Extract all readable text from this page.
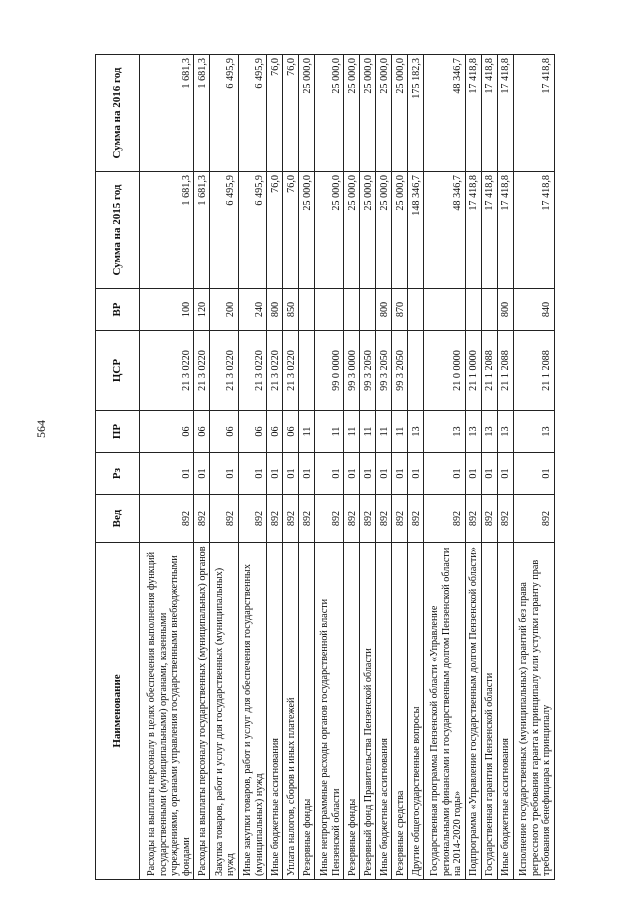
564
Наименование	Вед	Рз	ПР	ЦСР	ВР	Сумма на 2015 год	Сумма на 2016 год
Расходы на выплаты персоналу в целях обеспечения выполнения функций государственными (муниципальными) органами, казенными учреждениями, органами управления государственными внебюджетными фондами	892	01	06	21 3 0220	100	1 681,3	1 681,3
Расходы на выплаты персоналу государственных (муниципальных) органов	892	01	06	21 3 0220	120	1 681,3	1 681,3
Закупка товаров, работ и услуг для государственных (муниципальных) нужд	892	01	06	21 3 0220	200	6 495,9	6 495,9
Иные закупки товаров, работ и услуг для обеспечения государственных (муниципальных) нужд	892	01	06	21 3 0220	240	6 495,9	6 495,9
Иные бюджетные ассигнования	892	01	06	21 3 0220	800	76,0	76,0
Уплата налогов, сборов и иных платежей	892	01	06	21 3 0220	850	76,0	76,0
Резервные фонды	892	01	11			25 000,0	25 000,0
Иные непрограммные расходы органов государственной власти Пензенской области	892	01	11	99 0 0000		25 000,0	25 000,0
Резервные фонды	892	01	11	99 3 0000		25 000,0	25 000,0
Резервный фонд Правительства Пензенской области	892	01	11	99 3 2050		25 000,0	25 000,0
Иные бюджетные ассигнования	892	01	11	99 3 2050	800	25 000,0	25 000,0
Резервные средства	892	01	11	99 3 2050	870	25 000,0	25 000,0
Другие общегосударственные вопросы	892	01	13			148 346,7	175 182,3
Государственная программа Пензенской области «Управление региональными финансами и государственным долгом Пензенской области на 2014-2020 годы»	892	01	13	21 0 0000		48 346,7	48 346,7
Подпрограмма «Управление государственным долгом Пензенской области»	892	01	13	21 1 0000		17 418,8	17 418,8
Государственная гарантия Пензенской области	892	01	13	21 1 2088		17 418,8	17 418,8
Иные бюджетные ассигнования	892	01	13	21 1 2088	800	17 418,8	17 418,8
Исполнение государственных (муниципальных) гарантий без права регрессного требования гаранта к принципалу или уступки гаранту прав требования бенефициара к принципалу	892	01	13	21 1 2088	840	17 418,8	17 418,8
